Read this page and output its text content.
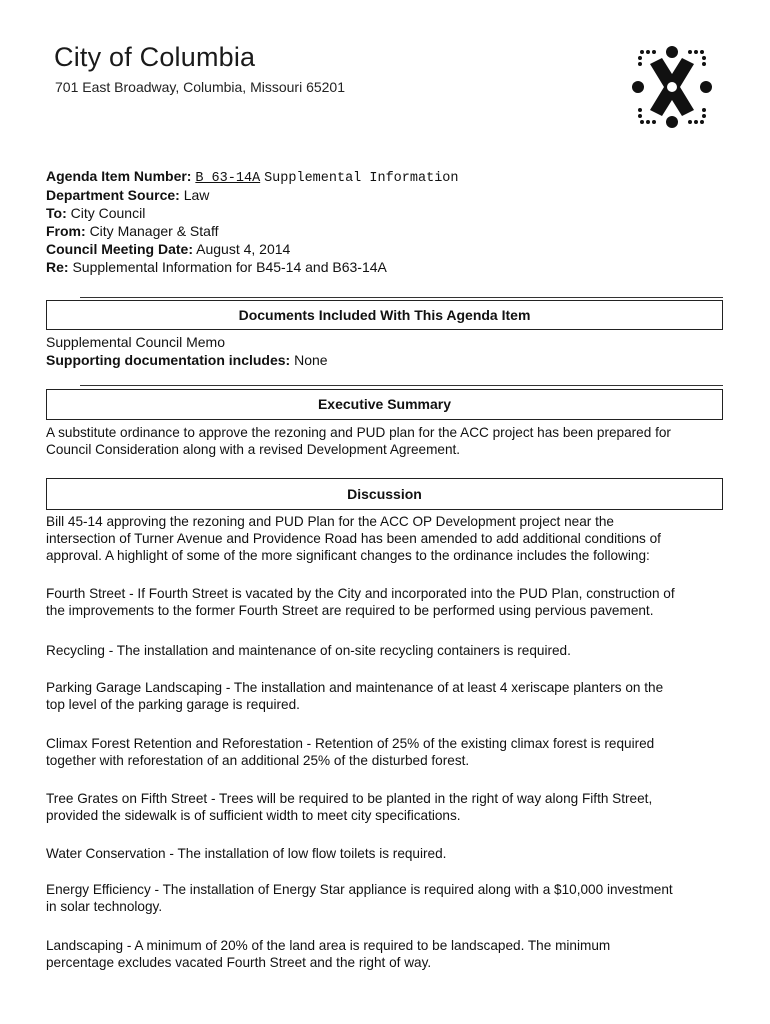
City of Columbia
701 East Broadway, Columbia, Missouri 65201
Agenda Item Number: B 63-14A Supplemental Information
Department Source: Law
To: City Council
From: City Manager & Staff
Council Meeting Date: August 4, 2014
Re: Supplemental Information for B45-14 and B63-14A
Documents Included With This Agenda Item
Supplemental Council Memo
Supporting documentation includes: None
Executive Summary
A substitute ordinance to approve the rezoning and PUD plan for the ACC project has been prepared for
Council Consideration along with a revised Development Agreement.
Discussion
Bill 45-14 approving the rezoning and PUD Plan for the ACC OP Development project near the
intersection of Turner Avenue and Providence Road has been amended to add additional conditions of
approval. A highlight of some of the more significant changes to the ordinance includes the following:
Fourth Street - If Fourth Street is vacated by the City and incorporated into the PUD Plan, construction of
the improvements to the former Fourth Street are required to be performed using pervious pavement.
Recycling - The installation and maintenance of on-site recycling containers is required.
Parking Garage Landscaping - The installation and maintenance of at least 4 xeriscape planters on the
top level of the parking garage is required.
Climax Forest Retention and Reforestation - Retention of 25% of the existing climax forest is required
together with reforestation of an additional 25% of the disturbed forest.
Tree Grates on Fifth Street - Trees will be required to be planted in the right of way along Fifth Street,
provided the sidewalk is of sufficient width to meet city specifications.
Water Conservation - The installation of low flow toilets is required.
Energy Efficiency - The installation of Energy Star appliance is required along with a $10,000 investment
in solar technology.
Landscaping - A minimum of 20% of the land area is required to be landscaped. The minimum
percentage excludes vacated Fourth Street and the right of way.
